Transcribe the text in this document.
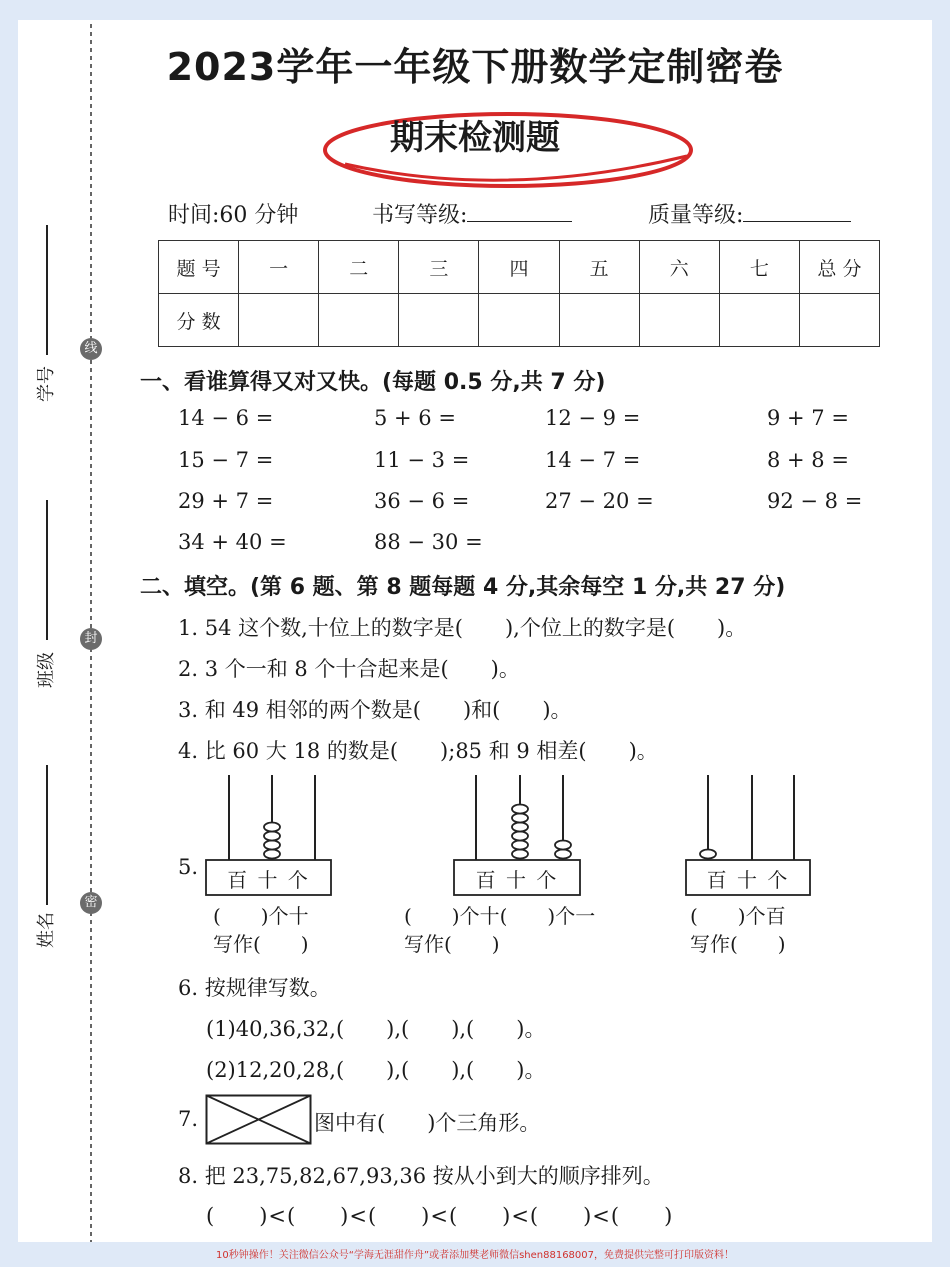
线
封
密
学号
班级
姓名
2023学年一年级下册数学定制密卷
期末检测题
时间:60 分钟	书写等级:	质量等级:
题 号	一	二	三	四	五	六	七	总 分
分 数								
一、看谁算得又对又快。(每题 0.5 分,共 7 分)
14 − 6 =	5 + 6 =	12 − 9 =	9 + 7 =
15 − 7 =	11 − 3 =	14 − 7 =	8 + 8 =
29 + 7 =	36 − 6 =	27 − 20 =	92 − 8 =
34 + 40 =	88 − 30 =
二、填空。(第 6 题、第 8 题每题 4 分,其余每空 1 分,共 27 分)
1. 54 这个数,十位上的数字是(　　),个位上的数字是(　　)。
2. 3 个一和 8 个十合起来是(　　)。
3. 和 49 相邻的两个数是(　　)和(　　)。
4. 比 60 大 18 的数是(　　);85 和 9 相差(　　)。
5.
百 十 个
(　　)个十
写作(　　)
百 十 个
(　　)个十(　　)个一
写作(　　)
百 十 个
(　　)个百
写作(　　)
6. 按规律写数。
(1)40,36,32,(　　),(　　),(　　)。
(2)12,20,28,(　　),(　　),(　　)。
7.	图中有(　　)个三角形。
8. 把 23,75,82,67,93,36 按从小到大的顺序排列。
(　　)<(　　)<(　　)<(　　)<(　　)<(　　)
10秒钟操作！关注微信公众号“学海无涯甜作舟”或者添加樊老师微信shen88168007，免费提供完整可打印版资料！
